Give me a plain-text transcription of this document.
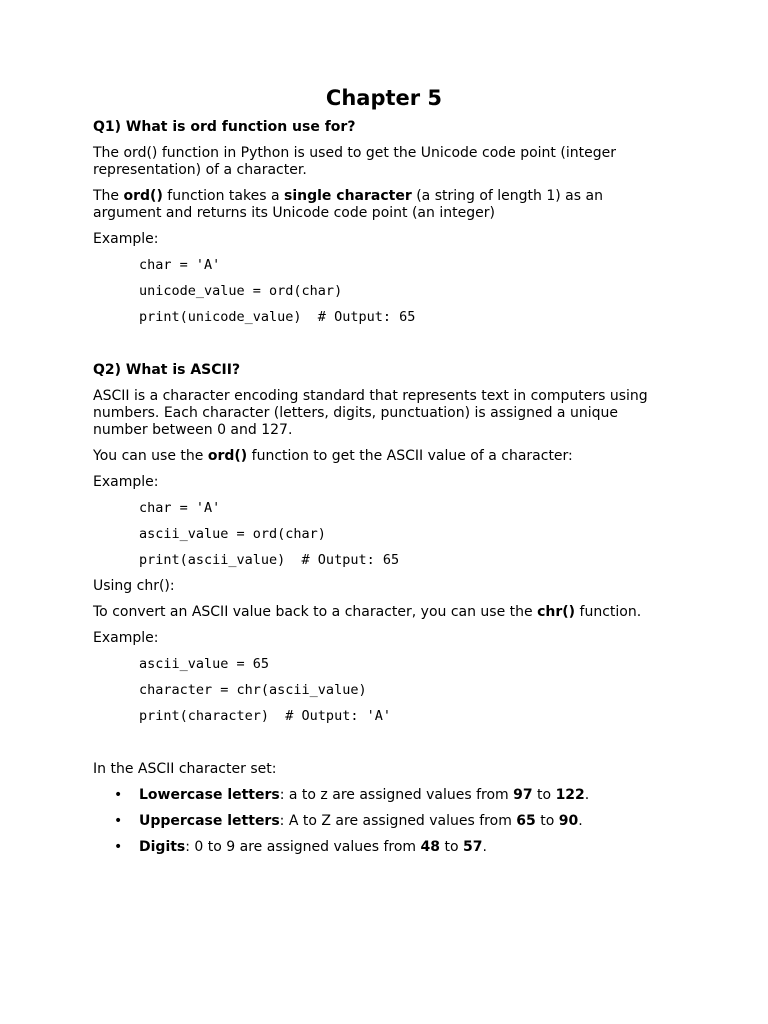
Chapter 5
Q1) What is ord function use for?

The ord() function in Python is used to get the Unicode code point (integer representation) of a character.

The ord() function takes a single character (a string of length 1) as an argument and returns its Unicode code point (an integer)

Example:

char = 'A'
unicode_value = ord(char)
print(unicode_value)  # Output: 65
Q2) What is ASCII?

ASCII is a character encoding standard that represents text in computers using numbers. Each character (letters, digits, punctuation) is assigned a unique number between 0 and 127.

You can use the ord() function to get the ASCII value of a character:

Example:

char = 'A'
ascii_value = ord(char)
print(ascii_value)  # Output: 65

Using chr():

To convert an ASCII value back to a character, you can use the chr() function.

Example:

ascii_value = 65
character = chr(ascii_value)
print(character)  # Output: 'A'

In the ASCII character set:

• Lowercase letters: a to z are assigned values from 97 to 122.
• Uppercase letters: A to Z are assigned values from 65 to 90.
• Digits: 0 to 9 are assigned values from 48 to 57.
